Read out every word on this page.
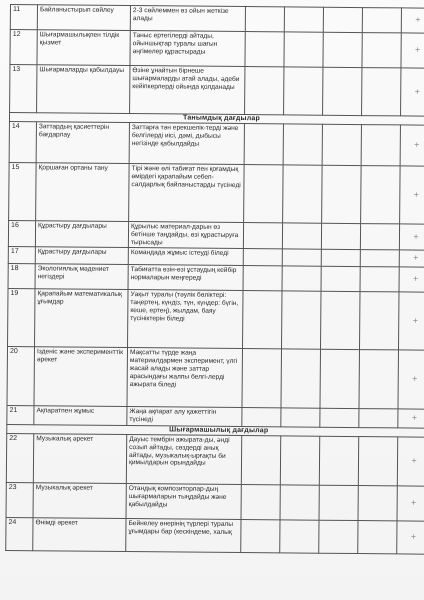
11	Байланыстырып сөйлеу	2-3 сөйлеммен өз ойын жеткізе алады					+
12	Шығармашылықпен тілдік қызмет	Таныс ертегілерді айтады, ойыншықтар туралы шағын әңгімелер құрастырады					+
13	Шығармаларды қабылдауы	Өзіне ұнайтын бірнеше шығармаларды атай алады, әдеби кейіпкерлерді ойында қолданады					+
Танымдық дағдылар							
14	Заттардың қасиеттерін бағдарлау	Заттарға тән ерекшелік-терді және белгілерді иісі, дәмі, дыбысы негізінде қабылдайды					+
15	Қоршаған ортаны тану	Тірі және өлі табиғат пен қоғамдық өмірдегі қарапайым себеп-салдарлық байланыстарды түсінеді					+
16	Құрастыру дағдылары	Құрылыс материал-дарын өз бетінше таңдайды, өзі құрастыруға тырысады					+
17	Құрастыру дағдылары	Командада жұмыс істеуді біледі					+
18	Экологиялық мәдениет негіздері	Табиғатта өзін-өзі ұстаудың кейбір нормаларын меңгереді					+
19	Қарапайым математикалық ұғымдар	Уақыт туралы (тәулік бөліктері: таңертең, күндіз, түн, күндер: бүгін, кеше, ертең), жылдам, баяу түсініктерін біледі					+
20	Ізденіс және эксперименттік әрекет	Мақсатты түрде жаңа материалдармен эксперимент, үлгі жасай алады және заттар арасындағы жалпы белгі-лерді ажырата біледі					+
21	Ақпаратпен жұмыс	Жаңа ақпарат алу қажеттігін түсінеді					+
Шығармашылық дағдылар							
22	Музыкалық әрекет	Дауыс тембрін ажырата-ды, әнді созып айтады, сөздерді анық айтады, музыкалық-ырғақты би қимылдарын орындайды					+
23	Музыкалық әрекет	Отандық композиторлар-дың шығармаларын тыңдайды және қабылдайды					+
24	Өнімді әрекет	Бейнелеу өнерінің түрлері туралы ұғымдары бар (кескіндеме, халық					+
